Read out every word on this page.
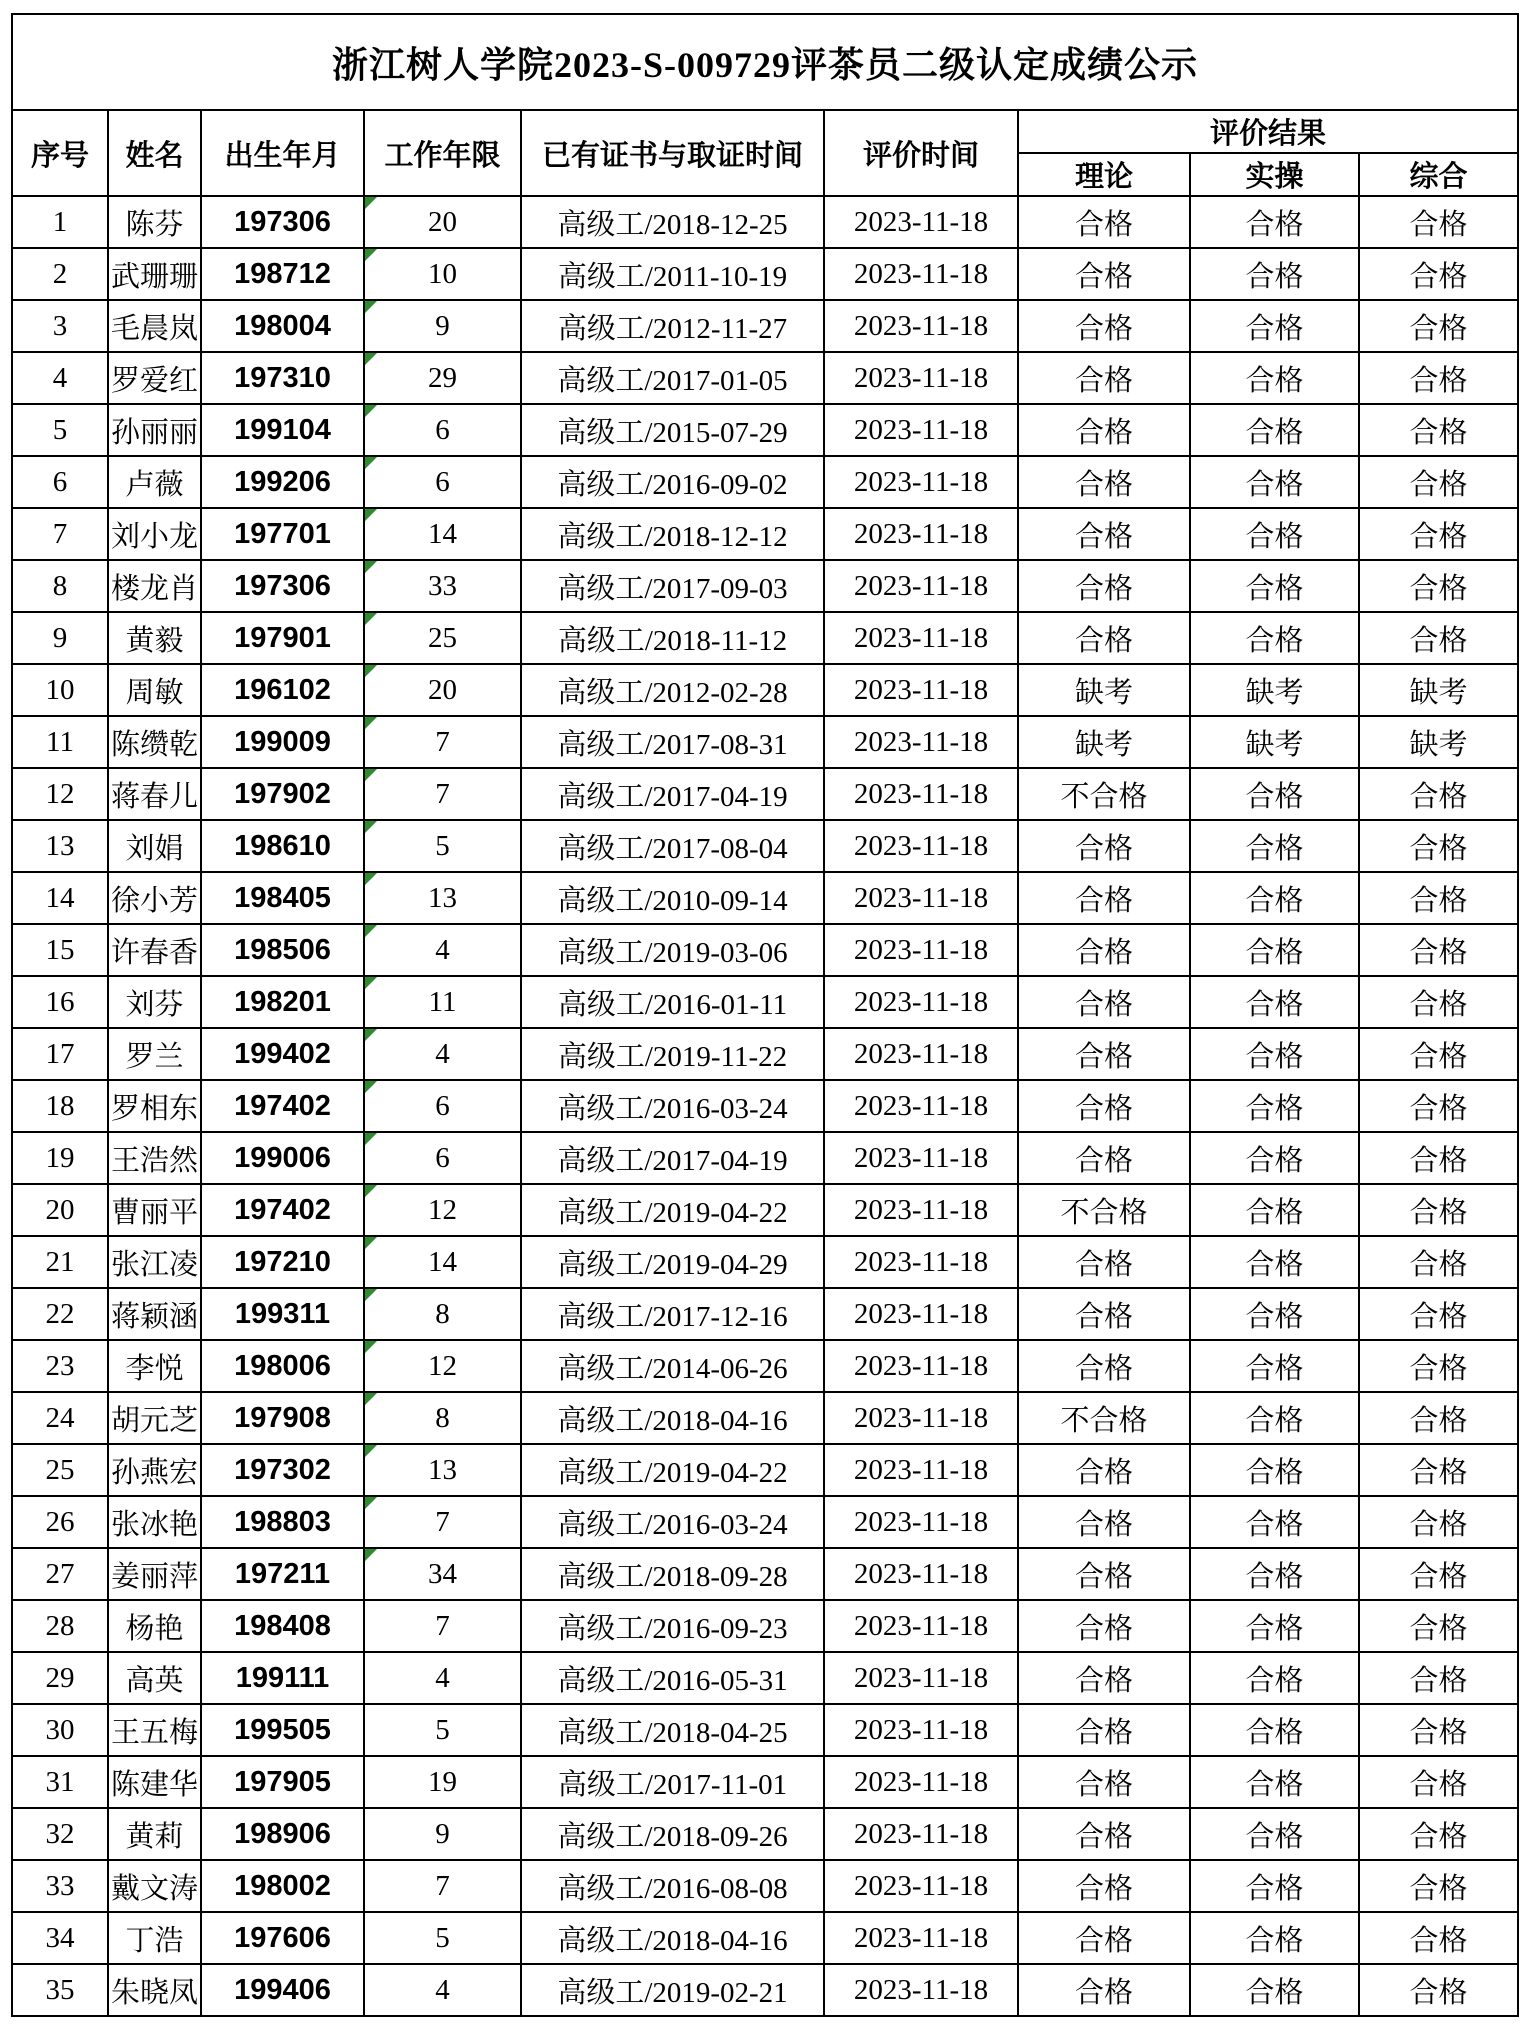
浙江树人学院2023-S-009729评茶员二级认定成绩公示								
序号	姓名	出生年月	工作年限	已有证书与取证时间	评价时间	评价结果		
						理论	实操	综合
1	陈芬	197306	20	高级工/2018-12-25	2023-11-18	合格	合格	合格
2	武珊珊	198712	10	高级工/2011-10-19	2023-11-18	合格	合格	合格
3	毛晨岚	198004	9	高级工/2012-11-27	2023-11-18	合格	合格	合格
4	罗爱红	197310	29	高级工/2017-01-05	2023-11-18	合格	合格	合格
5	孙丽丽	199104	6	高级工/2015-07-29	2023-11-18	合格	合格	合格
6	卢薇	199206	6	高级工/2016-09-02	2023-11-18	合格	合格	合格
7	刘小龙	197701	14	高级工/2018-12-12	2023-11-18	合格	合格	合格
8	楼龙肖	197306	33	高级工/2017-09-03	2023-11-18	合格	合格	合格
9	黄毅	197901	25	高级工/2018-11-12	2023-11-18	合格	合格	合格
10	周敏	196102	20	高级工/2012-02-28	2023-11-18	缺考	缺考	缺考
11	陈缵乾	199009	7	高级工/2017-08-31	2023-11-18	缺考	缺考	缺考
12	蒋春儿	197902	7	高级工/2017-04-19	2023-11-18	不合格	合格	合格
13	刘娟	198610	5	高级工/2017-08-04	2023-11-18	合格	合格	合格
14	徐小芳	198405	13	高级工/2010-09-14	2023-11-18	合格	合格	合格
15	许春香	198506	4	高级工/2019-03-06	2023-11-18	合格	合格	合格
16	刘芬	198201	11	高级工/2016-01-11	2023-11-18	合格	合格	合格
17	罗兰	199402	4	高级工/2019-11-22	2023-11-18	合格	合格	合格
18	罗相东	197402	6	高级工/2016-03-24	2023-11-18	合格	合格	合格
19	王浩然	199006	6	高级工/2017-04-19	2023-11-18	合格	合格	合格
20	曹丽平	197402	12	高级工/2019-04-22	2023-11-18	不合格	合格	合格
21	张江凌	197210	14	高级工/2019-04-29	2023-11-18	合格	合格	合格
22	蒋颖涵	199311	8	高级工/2017-12-16	2023-11-18	合格	合格	合格
23	李悦	198006	12	高级工/2014-06-26	2023-11-18	合格	合格	合格
24	胡元芝	197908	8	高级工/2018-04-16	2023-11-18	不合格	合格	合格
25	孙燕宏	197302	13	高级工/2019-04-22	2023-11-18	合格	合格	合格
26	张冰艳	198803	7	高级工/2016-03-24	2023-11-18	合格	合格	合格
27	姜丽萍	197211	34	高级工/2018-09-28	2023-11-18	合格	合格	合格
28	杨艳	198408	7	高级工/2016-09-23	2023-11-18	合格	合格	合格
29	高英	199111	4	高级工/2016-05-31	2023-11-18	合格	合格	合格
30	王五梅	199505	5	高级工/2018-04-25	2023-11-18	合格	合格	合格
31	陈建华	197905	19	高级工/2017-11-01	2023-11-18	合格	合格	合格
32	黄莉	198906	9	高级工/2018-09-26	2023-11-18	合格	合格	合格
33	戴文涛	198002	7	高级工/2016-08-08	2023-11-18	合格	合格	合格
34	丁浩	197606	5	高级工/2018-04-16	2023-11-18	合格	合格	合格
35	朱晓凤	199406	4	高级工/2019-02-21	2023-11-18	合格	合格	合格
